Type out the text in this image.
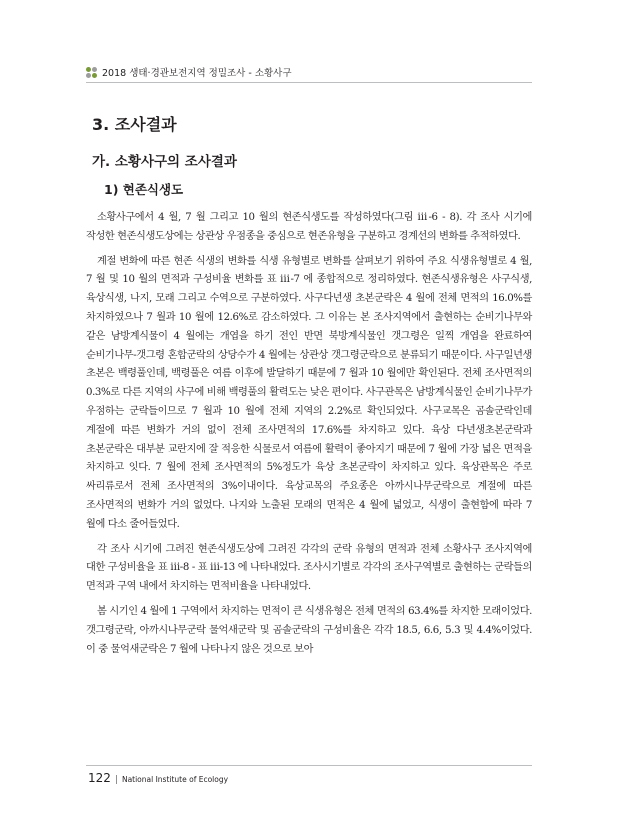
2018 생태·경관보전지역 정밀조사 - 소황사구
3. 조사결과
가. 소황사구의 조사결과
1) 현존식생도

소황사구에서 4 월, 7 월 그리고 10 월의 현존식생도를 작성하였다(그림 ⅲ-6 - 8). 각 조사 시기에 작성한 현존식생도상에는 상관상 우점종을 중심으로 현존유형을 구분하고 경계선의 변화를 추적하였다.

계절 변화에 따른 현존 식생의 변화를 식생 유형별로 변화를 살펴보기 위하여 주요 식생유형별로 4 월, 7 월 및 10 월의 면적과 구성비율 변화를 표 ⅲ-7 에 종합적으로 정리하였다. 현존식생유형은 사구식생, 육상식생, 나지, 모래 그리고 수역으로 구분하였다. 사구다년생 초본군락은 4 월에 전체 면적의 16.0%를 차지하였으나 7 월과 10 월에 12.6%로 감소하였다. 그 이유는 본 조사지역에서 출현하는 순비기나무와 같은 남방계식물이 4 월에는 개엽을 하기 전인 반면 북방계식물인 갯그령은 일찍 개엽을 완료하여 순비기나무-갯그령 혼합군락의 상당수가 4 월에는 상관상 갯그령군락으로 분류되기 때문이다. 사구일년생 초본은 백령풀인데, 백령풀은 여름 이후에 발달하기 때문에 7 월과 10 월에만 확인된다. 전체 조사면적의 0.3%로 다른 지역의 사구에 비해 백령풀의 활력도는 낮은 편이다. 사구관목은 남방계식물인 순비기나무가 우점하는 군락들이므로 7 월과 10 월에 전체 지역의 2.2%로 확인되었다. 사구교목은 곰솔군락인데 계절에 따른 변화가 거의 없이 전체 조사면적의 17.6%를 차지하고 있다. 육상 다년생초본군락과 초본군락은 대부분 교란지에 잘 적응한 식물로서 여름에 활력이 좋아지기 때문에 7 월에 가장 넓은 면적을 차지하고 잇다. 7 월에 전체 조사면적의 5%정도가 육상 초본군락이 차지하고 있다. 육상관목은 주로 싸리류로서 전체 조사면적의 3%이내이다. 육상교목의 주요종은 아까시나무군락으로 계절에 따른 조사면적의 변화가 거의 없었다. 나지와 노출된 모래의 면적은 4 월에 넓었고, 식생이 출현함에 따라 7 월에 다소 줄어들었다.

각 조사 시기에 그려진 현존식생도상에 그려진 각각의 군락 유형의 면적과 전체 소황사구 조사지역에 대한 구성비율을 표 ⅲ-8 - 표 ⅲ-13 에 나타내었다. 조사시기별로 각각의 조사구역별로 출현하는 군락들의 면적과 구역 내에서 차지하는 면적비율을 나타내었다.

봄 시기인 4 월에 1 구역에서 차지하는 면적이 큰 식생유형은 전체 면적의 63.4%를 차지한 모래이었다. 갯그령군락, 아까시나무군락 물억새군락 및 곰솔군락의 구성비율은 각각 18.5, 6.6, 5.3 및 4.4%이었다. 이 중 물억새군락은 7 월에 나타나지 않은 것으로 보아

122 | National Institute of Ecology
